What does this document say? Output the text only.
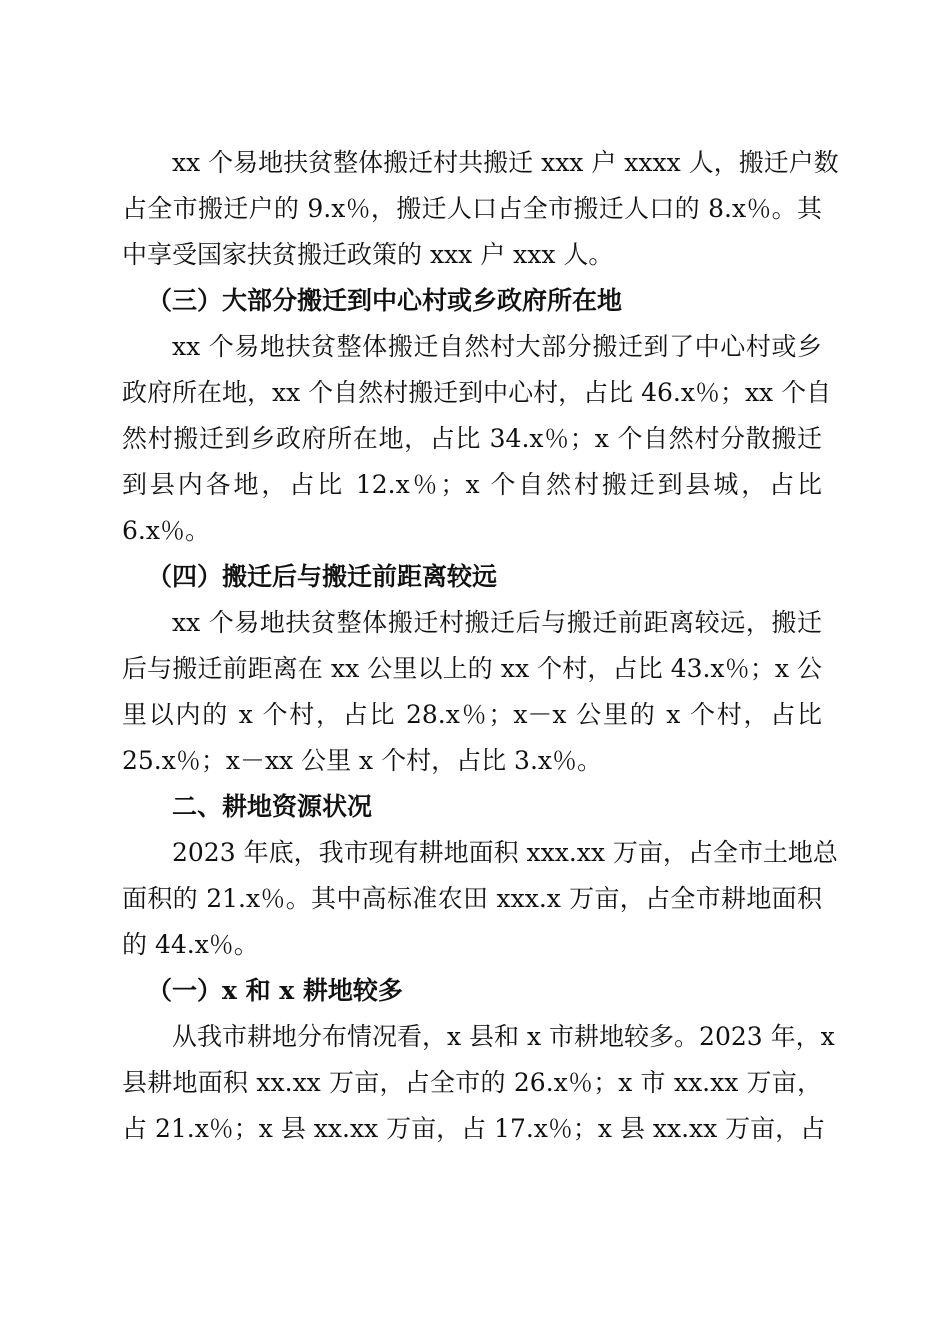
xx 个易地扶贫整体搬迁村共搬迁 xxx 户 xxxx 人，搬迁户数
占全市搬迁户的 9.x％，搬迁人口占全市搬迁人口的 8.x％。其
中享受国家扶贫搬迁政策的 xxx 户 xxx 人。
（三）大部分搬迁到中心村或乡政府所在地
xx 个易地扶贫整体搬迁自然村大部分搬迁到了中心村或乡
政府所在地，xx 个自然村搬迁到中心村，占比 46.x％；xx 个自
然村搬迁到乡政府所在地，占比 34.x％；x 个自然村分散搬迁
到县内各地，占比 12.x％；x 个自然村搬迁到县城，占比
6.x％。
（四）搬迁后与搬迁前距离较远
xx 个易地扶贫整体搬迁村搬迁后与搬迁前距离较远，搬迁
后与搬迁前距离在 xx 公里以上的 xx 个村，占比 43.x％；x 公
里以内的 x 个村，占比 28.x％；x－x 公里的 x 个村，占比
25.x％；x－xx 公里 x 个村，占比 3.x％。
二、耕地资源状况
2023 年底，我市现有耕地面积 xxx.xx 万亩，占全市土地总
面积的 21.x％。其中高标准农田 xxx.x 万亩，占全市耕地面积
的 44.x％。
（一）x 和 x 耕地较多
从我市耕地分布情况看，x 县和 x 市耕地较多。2023 年，x
县耕地面积 xx.xx 万亩，占全市的 26.x％；x 市 xx.xx 万亩，
占 21.x％；x 县 xx.xx 万亩，占 17.x％；x 县 xx.xx 万亩，占
